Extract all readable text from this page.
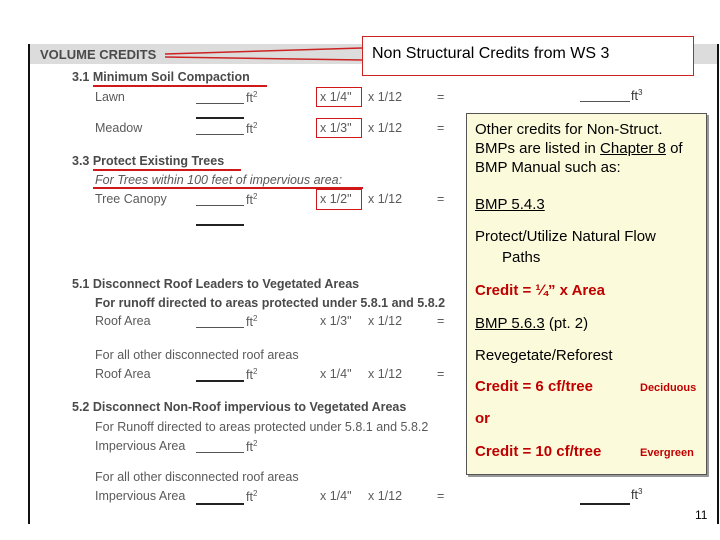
VOLUME CREDITS	Non Structural Credits from WS 3
3.1 Minimum Soil Compaction
Lawn	$ft^2$	x 1/4" x 1/12	=	$ft^3$
Meadow	$ft^2$	x 1/3" x 1/12	=
3.3 Protect Existing Trees
For Trees within 100 feet of impervious area:
Tree Canopy	$ft^2$	x 1/2" x 1/12	=
5.1 Disconnect Roof Leaders to Vegetated Areas
For runoff directed to areas protected under 5.8.1 and 5.8.2
Roof Area	$ft^2$	x 1/3" x 1/12	=
For all other disconnected roof areas
Roof Area	$ft^2$	x 1/4" x 1/12	=
5.2 Disconnect Non-Roof impervious to Vegetated Areas
For Runoff directed to areas protected under 5.8.1 and 5.8.2
Impervious Area	$ft^2$
For all other disconnected roof areas
Impervious Area	$ft^2$	x 1/4" x 1/12	=	$ft^3$
Other credits for Non-Struct. BMPs are listed in Chapter 8 of BMP Manual such as:
BMP 5.4.3
Protect/Utilize Natural Flow
Paths
Credit = ¼” x Area
BMP 5.6.3 (pt. 2)
Revegetate/Reforest
Credit = 6 cf/tree	Deciduous
or
Credit = 10 cf/tree	Evergreen
11
